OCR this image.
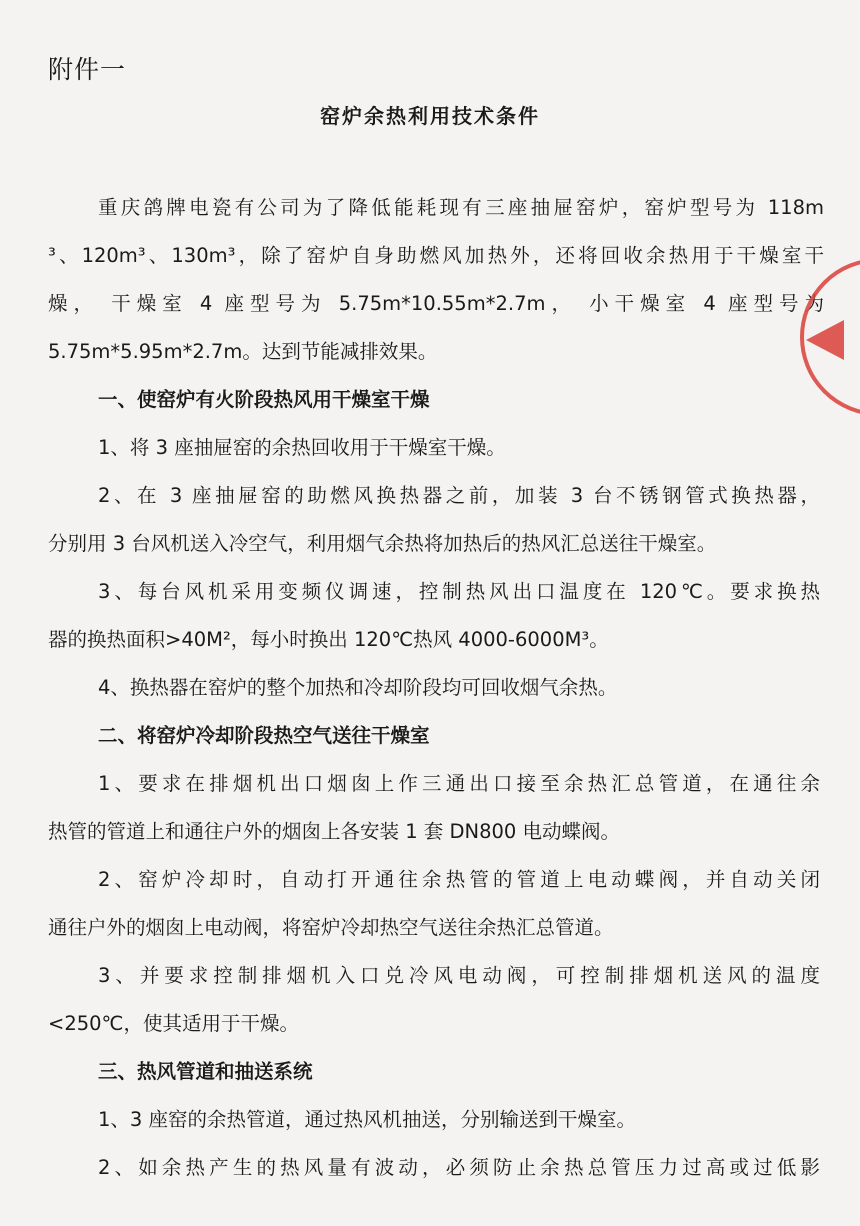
附件一
窑炉余热利用技术条件
重庆鸽牌电瓷有公司为了降低能耗现有三座抽屉窑炉，窑炉型号为 118m
³、120m³、130m³，除了窑炉自身助燃风加热外，还将回收余热用于干燥室干
燥， 干燥室 4 座型号为 5.75m*10.55m*2.7m， 小干燥室 4 座型号为
5.75m*5.95m*2.7m。达到节能减排效果。
一、使窑炉有火阶段热风用干燥室干燥
1、将 3 座抽屉窑的余热回收用于干燥室干燥。
2、在 3 座抽屉窑的助燃风换热器之前，加装 3 台不锈钢管式换热器，
分别用 3 台风机送入冷空气，利用烟气余热将加热后的热风汇总送往干燥室。
3、每台风机采用变频仪调速，控制热风出口温度在 120℃。要求换热
器的换热面积>40M²，每小时换出 120℃热风 4000-6000M³。
4、换热器在窑炉的整个加热和冷却阶段均可回收烟气余热。
二、将窑炉冷却阶段热空气送往干燥室
1、要求在排烟机出口烟囱上作三通出口接至余热汇总管道，在通往余
热管的管道上和通往户外的烟囱上各安装 1 套 DN800 电动蝶阀。
2、窑炉冷却时，自动打开通往余热管的管道上电动蝶阀，并自动关闭
通往户外的烟囱上电动阀，将窑炉冷却热空气送往余热汇总管道。
3、并要求控制排烟机入口兑冷风电动阀，可控制排烟机送风的温度
<250℃，使其适用于干燥。
三、热风管道和抽送系统
1、3 座窑的余热管道，通过热风机抽送，分别输送到干燥室。
2、如余热产生的热风量有波动，必须防止余热总管压力过高或过低影
